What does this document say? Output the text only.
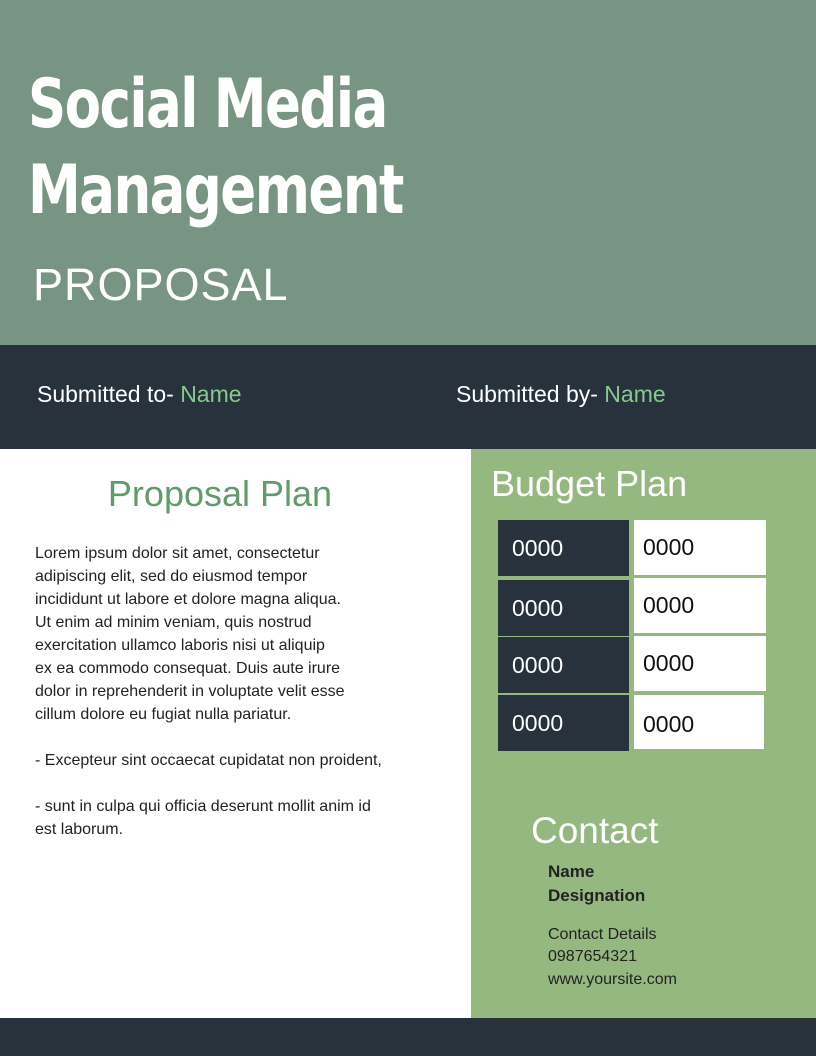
Social Media
Management
PROPOSAL
Submitted to- Name	Submitted by- Name
Proposal Plan

Lorem ipsum dolor sit amet, consectetur
adipiscing elit, sed do eiusmod tempor
incididunt ut labore et dolore magna aliqua.
Ut enim ad minim veniam, quis nostrud
exercitation ullamco laboris nisi ut aliquip
ex ea commodo consequat. Duis aute irure
dolor in reprehenderit in voluptate velit esse
cillum dolore eu fugiat nulla pariatur.

- Excepteur sint occaecat cupidatat non proident,

- sunt in culpa qui officia deserunt mollit anim id
est laborum.

Budget Plan
0000	0000
0000	0000
0000	0000
0000	0000
Contact
Name
Designation
Contact Details
0987654321
www.yoursite.com
